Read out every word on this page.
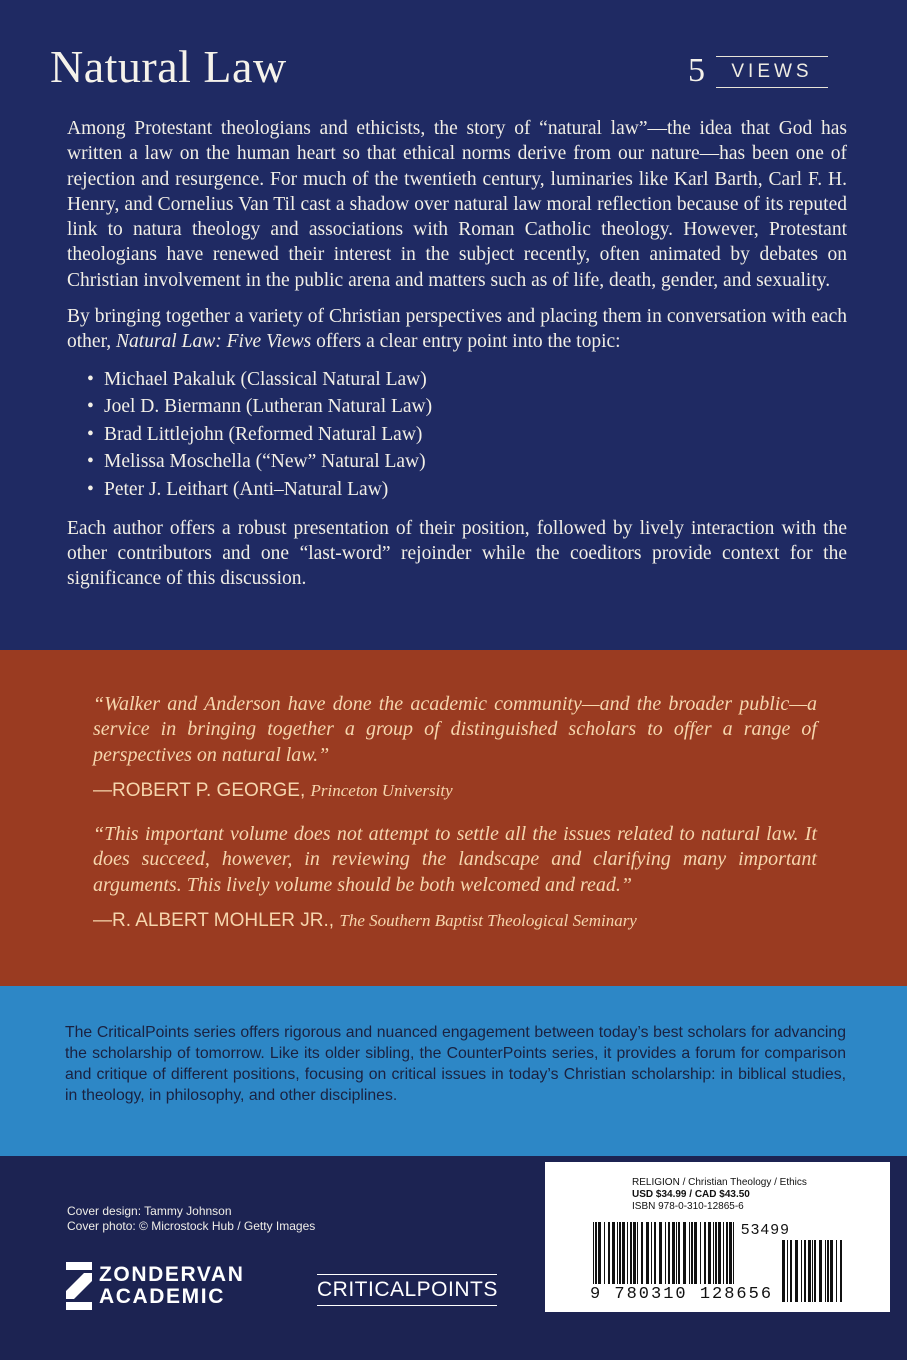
Natural Law	5	VIEWS

Among Protestant theologians and ethicists, the story of “natural law”—the idea that God has written a law on the human heart so that ethical norms derive from our nature—has been one of rejection and resurgence. For much of the twentieth century, luminaries like Karl Barth, Carl F. H. Henry, and Cornelius Van Til cast a shadow over natural law moral reflection because of its reputed link to natura theology and associations with Roman Catholic theology. However, Protestant theologians have renewed their interest in the subject recently, often animated by debates on Christian involvement in the public arena and matters such as of life, death, gender, and sexuality.

By bringing together a variety of Christian perspectives and placing them in conversation with each other, Natural Law: Five Views offers a clear entry point into the topic:

• Michael Pakaluk (Classical Natural Law)
• Joel D. Biermann (Lutheran Natural Law)
• Brad Littlejohn (Reformed Natural Law)
• Melissa Moschella (“New” Natural Law)
• Peter J. Leithart (Anti–Natural Law)

Each author offers a robust presentation of their position, followed by lively interaction with the other contributors and one “last-word” rejoinder while the coeditors provide context for the significance of this discussion.

“Walker and Anderson have done the academic community—and the broader public—a service in bringing together a group of distinguished scholars to offer a range of perspectives on natural law.”
—ROBERT P. GEORGE, Princeton University
“This important volume does not attempt to settle all the issues related to natural law. It does succeed, however, in reviewing the landscape and clarifying many important arguments. This lively volume should be both welcomed and read.”
—R. ALBERT MOHLER JR., The Southern Baptist Theological Seminary
The CriticalPoints series offers rigorous and nuanced engagement between today’s best scholars for advancing the scholarship of tomorrow. Like its older sibling, the CounterPoints series, it provides a forum for comparison and critique of different positions, focusing on critical issues in today’s Christian scholarship: in biblical studies, in theology, in philosophy, and other disciplines.
Cover design: Tammy Johnson
Cover photo: © Microstock Hub / Getty Images
ZONDERVAN
ACADEMIC	CRITICALPOINTS
RELIGION / Christian Theology / Ethics
USD $34.99 / CAD $43.50
ISBN 978-0-310-12865-6
53499
9 780310 128656
